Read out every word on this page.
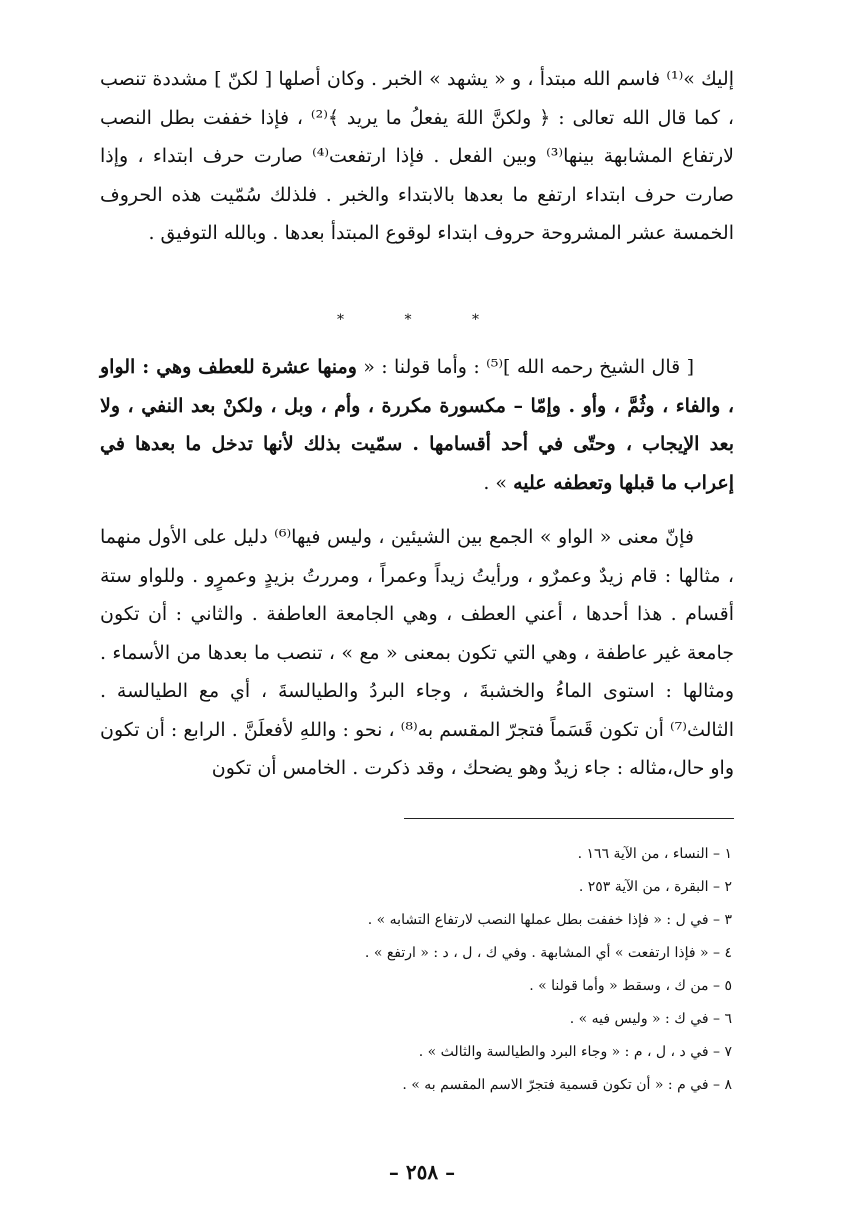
إليك »⁽¹⁾ فاسم الله مبتدأ ، و « يشهد » الخبر . وكان أصلها [ لكنّ ] مشددة تنصب ، كما قال الله تعالى : ﴿ ولكنَّ اللهَ يفعلُ ما يريد ﴾⁽²⁾ ، فإذا خففت بطل النصب لارتفاع المشابهة بينها⁽³⁾ وبين الفعل . فإذا ارتفعت⁽⁴⁾ صارت حرف ابتداء ، وإذا صارت حرف ابتداء ارتفع ما بعدها بالابتداء والخبر . فلذلك سُمّيت هذه الحروف الخمسة عشر المشروحة حروف ابتداء لوقوع المبتدأ بعدها . وبالله التوفيق .

* * *

[ قال الشيخ رحمه الله ]⁽⁵⁾ : وأما قولنا : « ومنها عشرة للعطف وهي : الواو ، والفاء ، وثُمَّ ، وأو . وإمّا – مكسورة مكررة ، وأم ، وبل ، ولكنْ بعد النفي ، ولا بعد الإيجاب ، وحتّى في أحد أقسامها . سمّيت بذلك لأنها تدخل ما بعدها في إعراب ما قبلها وتعطفه عليه » .

فإنّ معنى « الواو » الجمع بين الشيئين ، وليس فيها⁽⁶⁾ دليل على الأول منهما ، مثالها : قام زيدٌ وعمرٌو ، ورأيتُ زيداً وعمراً ، ومررتُ بزيدٍ وعمرٍو . وللواو ستة أقسام . هذا أحدها ، أعني العطف ، وهي الجامعة العاطفة . والثاني : أن تكون جامعة غير عاطفة ، وهي التي تكون بمعنى « مع » ، تنصب ما بعدها من الأسماء . ومثالها : استوى الماءُ والخشبةَ ، وجاء البردُ والطيالسةَ ، أي مع الطيالسة . الثالث⁽⁷⁾ أن تكون قَسَماً فتجرّ المقسم به⁽⁸⁾ ، نحو : واللهِ لأفعلَنَّ . الرابع : أن تكون واو حال،مثاله : جاء زيدٌ وهو يضحك ، وقد ذكرت . الخامس أن تكون

١ – النساء ، من الآية ١٦٦ .
٢ – البقرة ، من الآية ٢٥٣ .
٣ – في ل : « فإذا خففت بطل عملها النصب لارتفاع التشابه » .
٤ – « فإذا ارتفعت » أي المشابهة . وفي ك ، ل ، د : « ارتفع » .
٥ – من ك ، وسقط « وأما قولنا » .
٦ – في ك : « وليس فيه » .
٧ – في د ، ل ، م : « وجاء البرد والطيالسة والثالث » .
٨ – في م : « أن تكون قسمية فتجرّ الاسم المقسم به » .
– ٢٥٨ –
